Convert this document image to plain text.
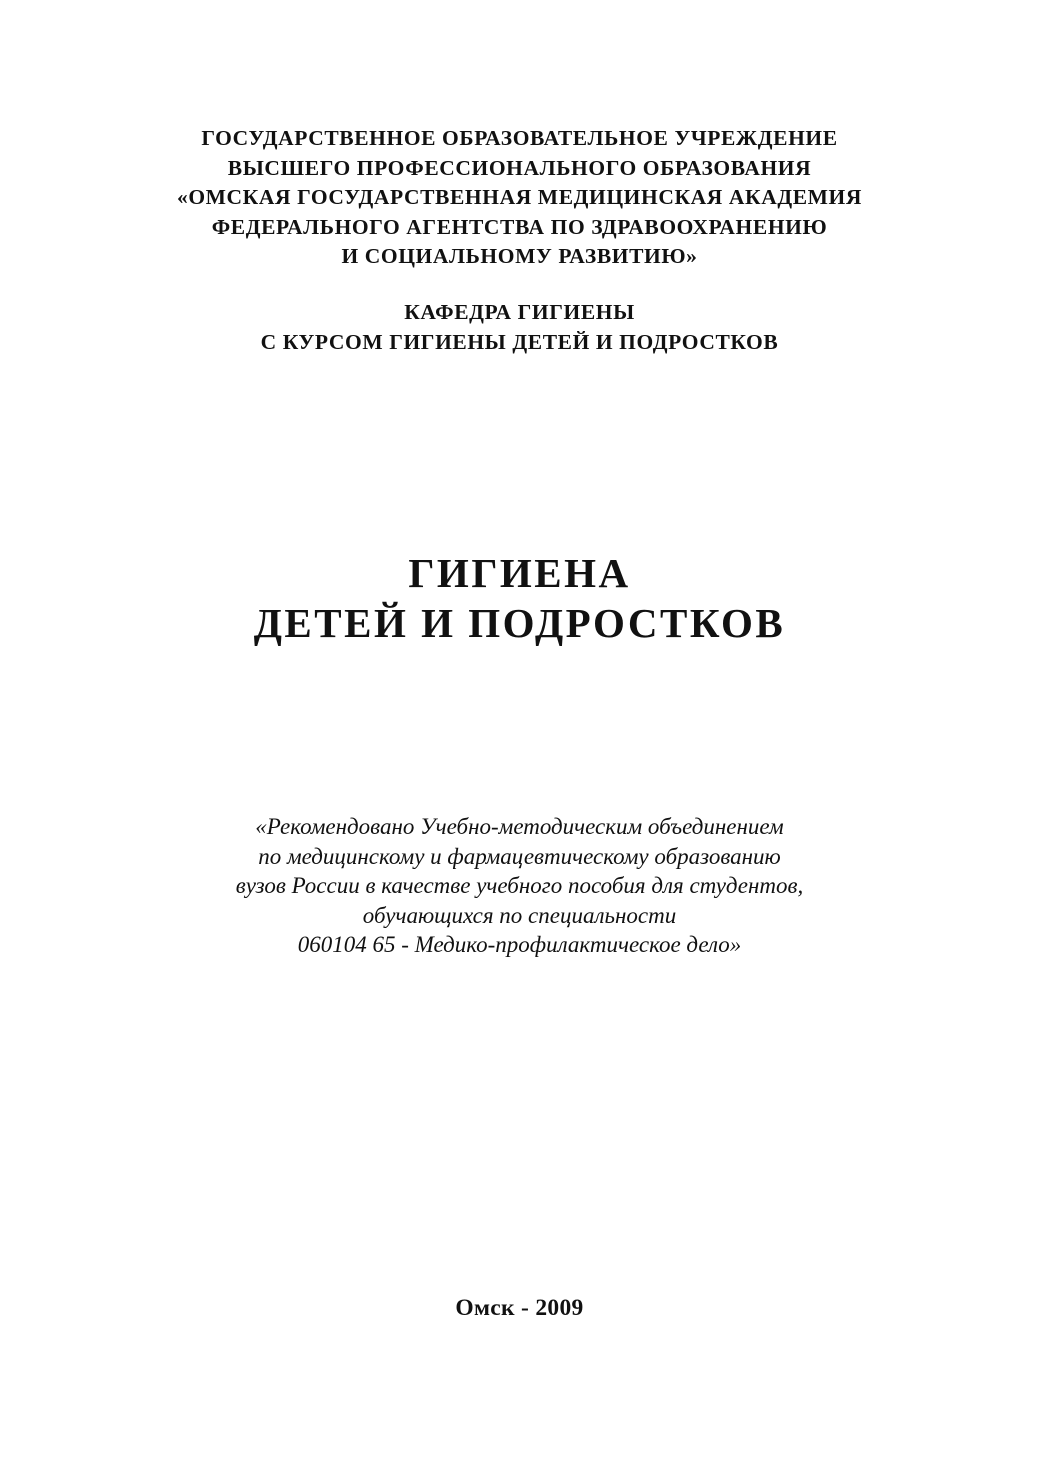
ГОСУДАРСТВЕННОЕ ОБРАЗОВАТЕЛЬНОЕ УЧРЕЖДЕНИЕ
ВЫСШЕГО ПРОФЕССИОНАЛЬНОГО ОБРАЗОВАНИЯ
«ОМСКАЯ ГОСУДАРСТВЕННАЯ МЕДИЦИНСКАЯ АКАДЕМИЯ
ФЕДЕРАЛЬНОГО АГЕНТСТВА ПО ЗДРАВООХРАНЕНИЮ
И СОЦИАЛЬНОМУ РАЗВИТИЮ»
КАФЕДРА ГИГИЕНЫ
С КУРСОМ ГИГИЕНЫ ДЕТЕЙ И ПОДРОСТКОВ
ГИГИЕНА
ДЕТЕЙ И ПОДРОСТКОВ
«Рекомендовано Учебно-методическим объединением
по медицинскому и фармацевтическому образованию
вузов России в качестве учебного пособия для студентов,
обучающихся по специальности
060104 65 - Медико-профилактическое дело»
Омск - 2009
